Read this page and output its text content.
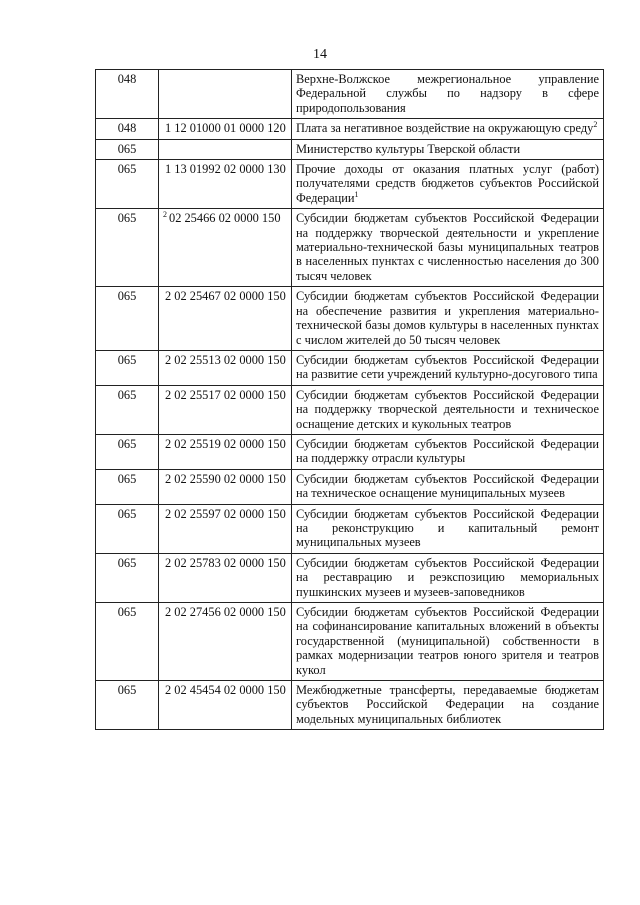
14
048		Верхне-Волжское межрегиональное управление Федеральной службы по надзору в сфере природопользования
048	1 12 01000 01 0000 120	Плата за негативное воздействие на окружающую среду$^2$
065		Министерство культуры Тверской области
065	1 13 01992 02 0000 130	Прочие доходы от оказания платных услуг (работ) получателями средств бюджетов субъектов Российской Федерации$^1$
065	$^2$ 02 25466 02 0000 150	Субсидии бюджетам субъектов Российской Федерации на поддержку творческой деятельности и укрепление материально-технической базы муниципальных театров в населенных пунктах с численностью населения до 300 тысяч человек
065	2 02 25467 02 0000 150	Субсидии бюджетам субъектов Российской Федерации на обеспечение развития и укрепления материально-технической базы домов культуры в населенных пунктах с числом жителей до 50 тысяч человек
065	2 02 25513 02 0000 150	Субсидии бюджетам субъектов Российской Федерации на развитие сети учреждений культурно-досугового типа
065	2 02 25517 02 0000 150	Субсидии бюджетам субъектов Российской Федерации на поддержку творческой деятельности и техническое оснащение детских и кукольных театров
065	2 02 25519 02 0000 150	Субсидии бюджетам субъектов Российской Федерации на поддержку отрасли культуры
065	2 02 25590 02 0000 150	Субсидии бюджетам субъектов Российской Федерации на техническое оснащение муниципальных музеев
065	2 02 25597 02 0000 150	Субсидии бюджетам субъектов Российской Федерации на реконструкцию и капитальный ремонт муниципальных музеев
065	2 02 25783 02 0000 150	Субсидии бюджетам субъектов Российской Федерации на реставрацию и реэкспозицию мемориальных пушкинских музеев и музеев-заповедников
065	2 02 27456 02 0000 150	Субсидии бюджетам субъектов Российской Федерации на софинансирование капитальных вложений в объекты государственной (муниципальной) собственности в рамках модернизации театров юного зрителя и театров кукол
065	2 02 45454 02 0000 150	Межбюджетные трансферты, передаваемые бюджетам субъектов Российской Федерации на создание модельных муниципальных библиотек
